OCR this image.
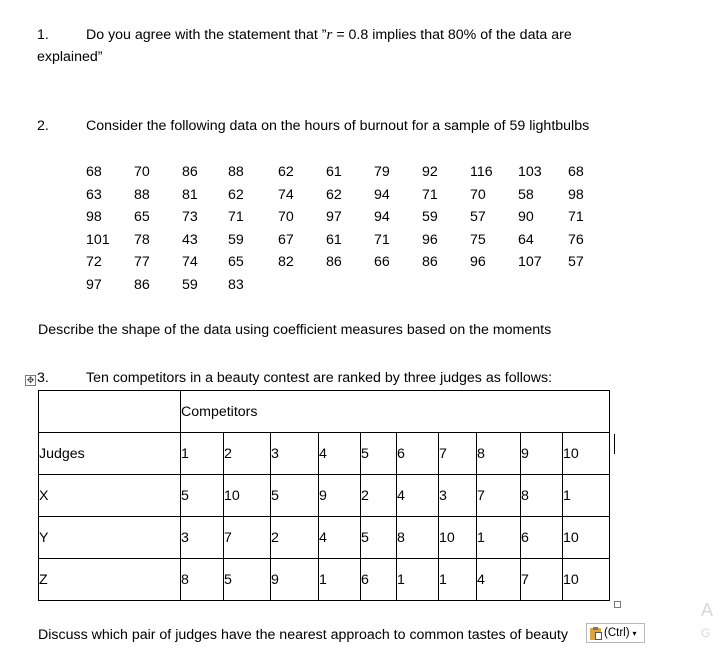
1.	Do you agree with the statement that ”r = 0.8 implies that 80% of the data are
explained”
2.	Consider the following data on the hours of burnout for a sample of 59 lightbulbs
68 70 86 88 62 61 79 92 116 103 68
63 88 81 62 74 62 94 71 70 58 98
98 65 73 71 70 97 94 59 57 90 71
101 78 43 59 67 61 71 96 75 64 76
72 77 74 65 82 86 66 86 96 107 57
97 86 59 83
Describe the shape of the data using coefficient measures based on the moments
✥ 3.	Ten competitors in a beauty contest are ranked by three judges as follows:
	Competitors									
Judges	1	2	3	4	5	6	7	8	9	10
X	5	10	5	9	2	4	3	7	8	1
Y	3	7	2	4	5	8	10	1	6	10
Z	8	5	9	1	6	1	1	4	7	10
Discuss which pair of judges have the nearest approach to common tastes of beauty	(Ctrl) ▾
A
G
